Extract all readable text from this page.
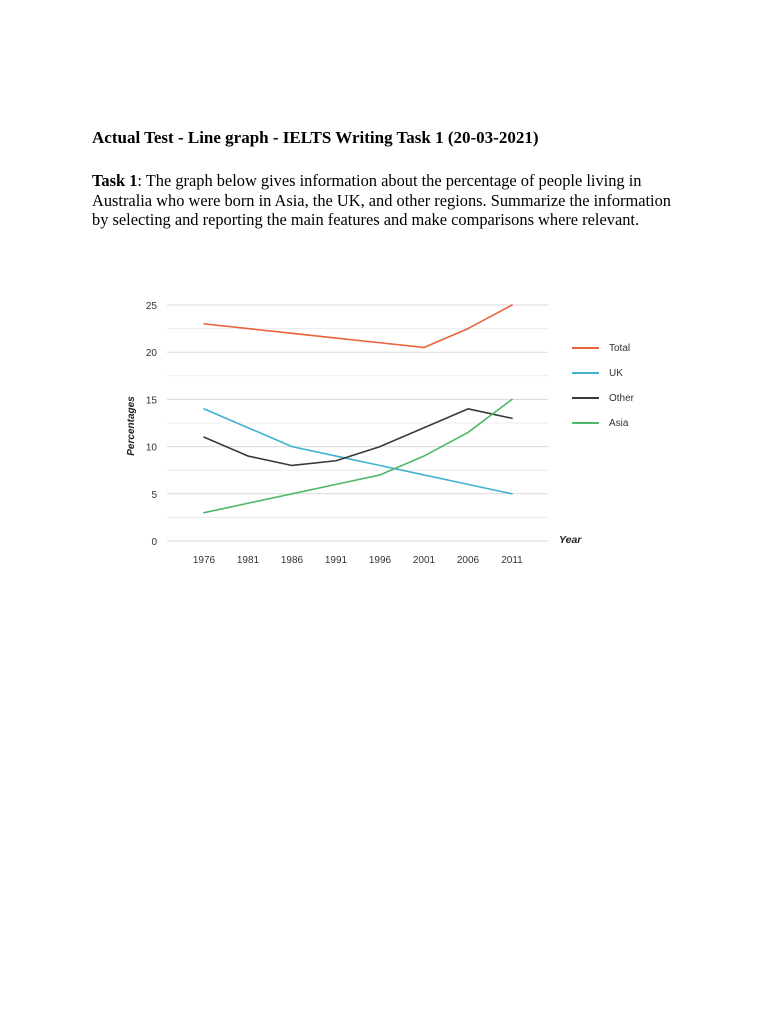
Actual Test - Line graph - IELTS Writing Task 1 (20-03-2021)
Task 1: The graph below gives information about the percentage of people living in Australia who were born in Asia, the UK, and other regions. Summarize the information by selecting and reporting the main features and make comparisons where relevant.
0
5
10
15
20
25
1976 1981 1986 1991 1996 2001 2006 2011
Total
UK
Other
Asia
Percentages
Year
